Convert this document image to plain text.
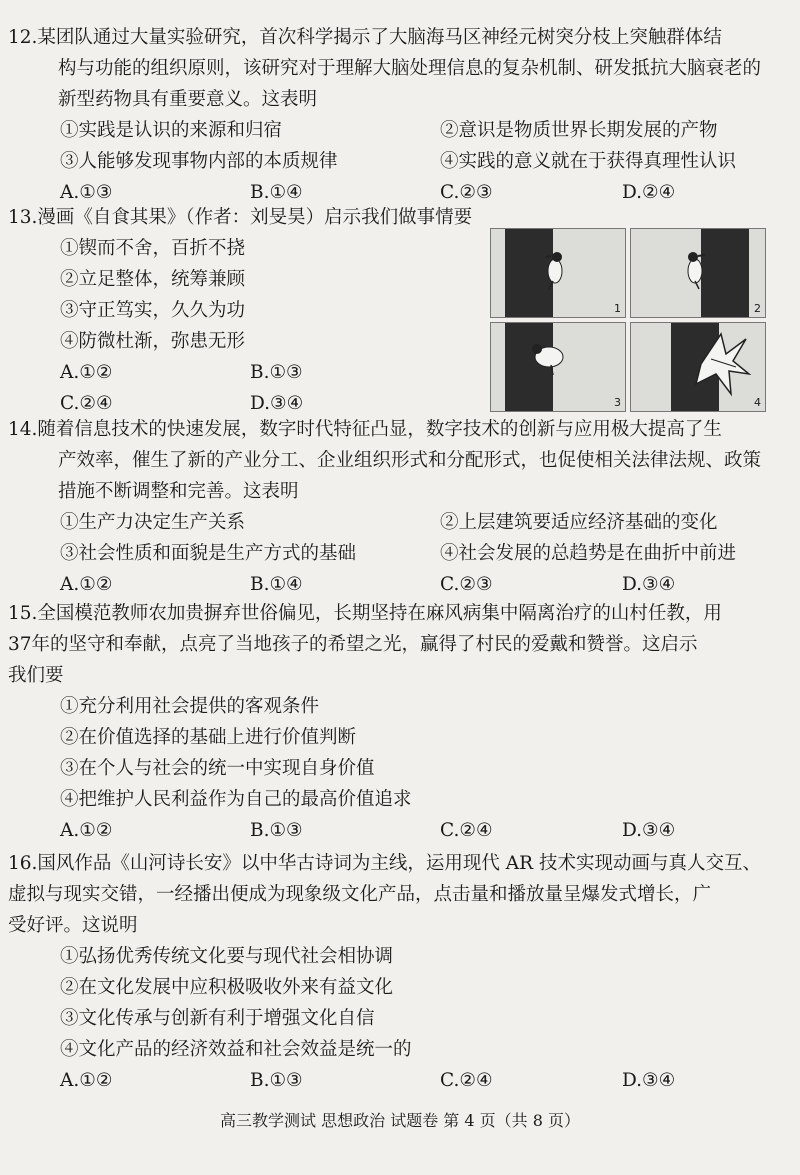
12.某团队通过大量实验研究，首次科学揭示了大脑海马区神经元树突分枝上突触群体结
构与功能的组织原则，该研究对于理解大脑处理信息的复杂机制、研发抵抗大脑衰老的
新型药物具有重要意义。这表明
①实践是认识的来源和归宿	②意识是物质世界长期发展的产物
③人能够发现事物内部的本质规律	④实践的意义就在于获得真理性认识
A.①③	B.①④	C.②③	D.②④
13.漫画《自食其果》（作者：刘旻昊）启示我们做事情要
①锲而不舍，百折不挠
②立足整体，统筹兼顾
③守正笃实，久久为功
④防微杜渐，弥患无形
A.①②	B.①③
C.②④	D.③④
1	2
3	4
14.随着信息技术的快速发展，数字时代特征凸显，数字技术的创新与应用极大提高了生
产效率，催生了新的产业分工、企业组织形式和分配形式，也促使相关法律法规、政策
措施不断调整和完善。这表明
①生产力决定生产关系	②上层建筑要适应经济基础的变化
③社会性质和面貌是生产方式的基础	④社会发展的总趋势是在曲折中前进
A.①②	B.①④	C.②③	D.③④
15.全国模范教师农加贵摒弃世俗偏见，长期坚持在麻风病集中隔离治疗的山村任教，用
37年的坚守和奉献，点亮了当地孩子的希望之光，赢得了村民的爱戴和赞誉。这启示
我们要
①充分利用社会提供的客观条件
②在价值选择的基础上进行价值判断
③在个人与社会的统一中实现自身价值
④把维护人民利益作为自己的最高价值追求
A.①②	B.①③	C.②④	D.③④
16.国风作品《山河诗长安》以中华古诗词为主线，运用现代 AR 技术实现动画与真人交互、
虚拟与现实交错，一经播出便成为现象级文化产品，点击量和播放量呈爆发式增长，广
受好评。这说明
①弘扬优秀传统文化要与现代社会相协调
②在文化发展中应积极吸收外来有益文化
③文化传承与创新有利于增强文化自信
④文化产品的经济效益和社会效益是统一的
A.①②	B.①③	C.②④	D.③④
高三教学测试 思想政治 试题卷 第 4 页（共 8 页）
